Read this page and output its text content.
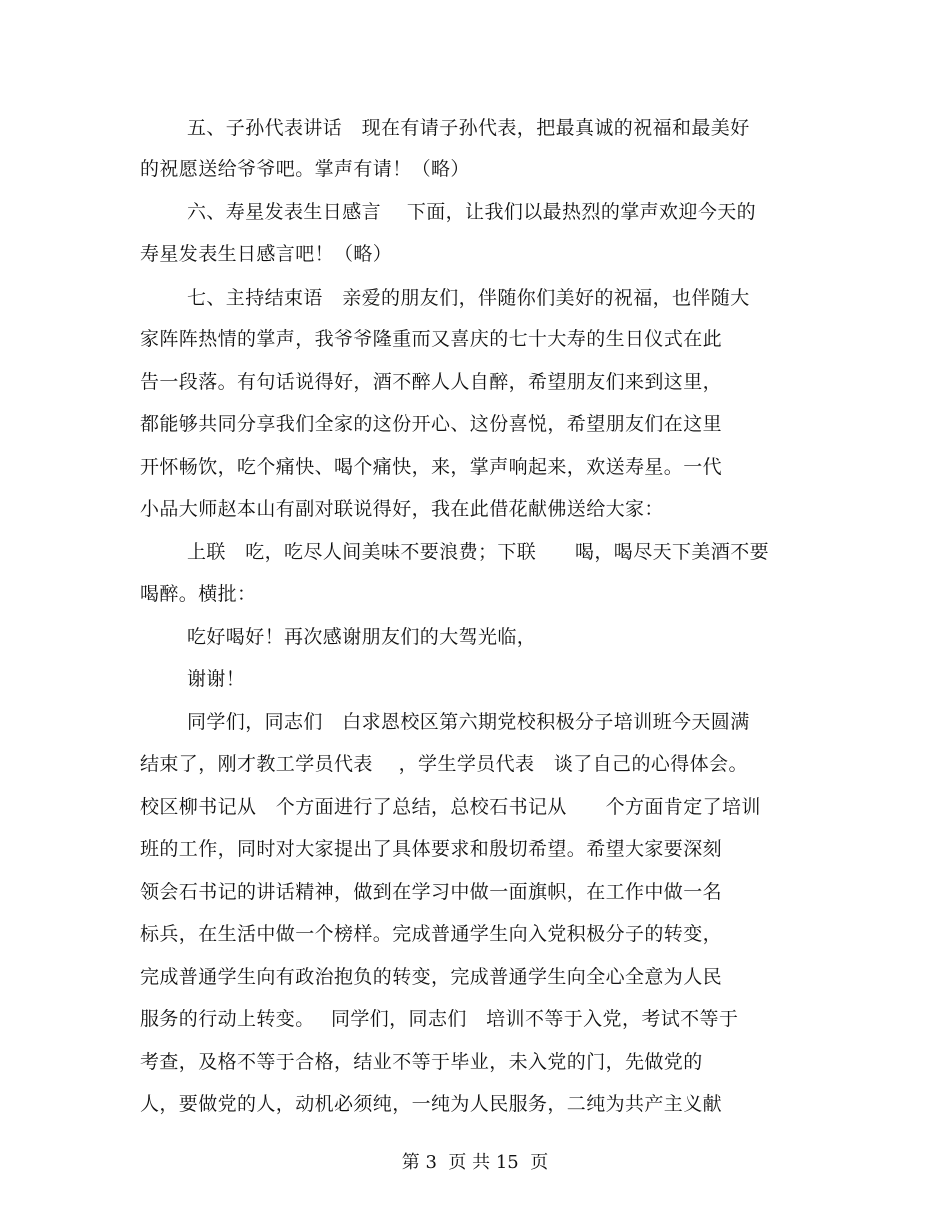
五、子孙代表讲话　现在有请子孙代表，把最真诚的祝福和最美好
的祝愿送给爷爷吧。掌声有请！（略）
六、寿星发表生日感言　 下面，让我们以最热烈的掌声欢迎今天的
寿星发表生日感言吧！（略）
七、主持结束语　亲爱的朋友们，伴随你们美好的祝福，也伴随大
家阵阵热情的掌声，我爷爷隆重而又喜庆的七十大寿的生日仪式在此
告一段落。有句话说得好，酒不醉人人自醉，希望朋友们来到这里，
都能够共同分享我们全家的这份开心、这份喜悦，希望朋友们在这里
开怀畅饮，吃个痛快、喝个痛快，来，掌声响起来，欢送寿星。一代
小品大师赵本山有副对联说得好，我在此借花献佛送给大家：
上联　吃，吃尽人间美味不要浪费；下联　　喝，喝尽天下美酒不要
喝醉。横批：
吃好喝好！再次感谢朋友们的大驾光临，
谢谢！
同学们，同志们　白求恩校区第六期党校积极分子培训班今天圆满
结束了，刚才教工学员代表　 ，学生学员代表　谈了自己的心得体会。
校区柳书记从　个方面进行了总结，总校石书记从　　个方面肯定了培训
班的工作，同时对大家提出了具体要求和殷切希望。希望大家要深刻
领会石书记的讲话精神，做到在学习中做一面旗帜，在工作中做一名
标兵，在生活中做一个榜样。完成普通学生向入党积极分子的转变，
完成普通学生向有政治抱负的转变，完成普通学生向全心全意为人民
服务的行动上转变。　 同学们，同志们　培训不等于入党，考试不等于
考查，及格不等于合格，结业不等于毕业，未入党的门，先做党的
人，要做党的人，动机必须纯，一纯为人民服务，二纯为共产主义献
第 3  页 共 15  页
